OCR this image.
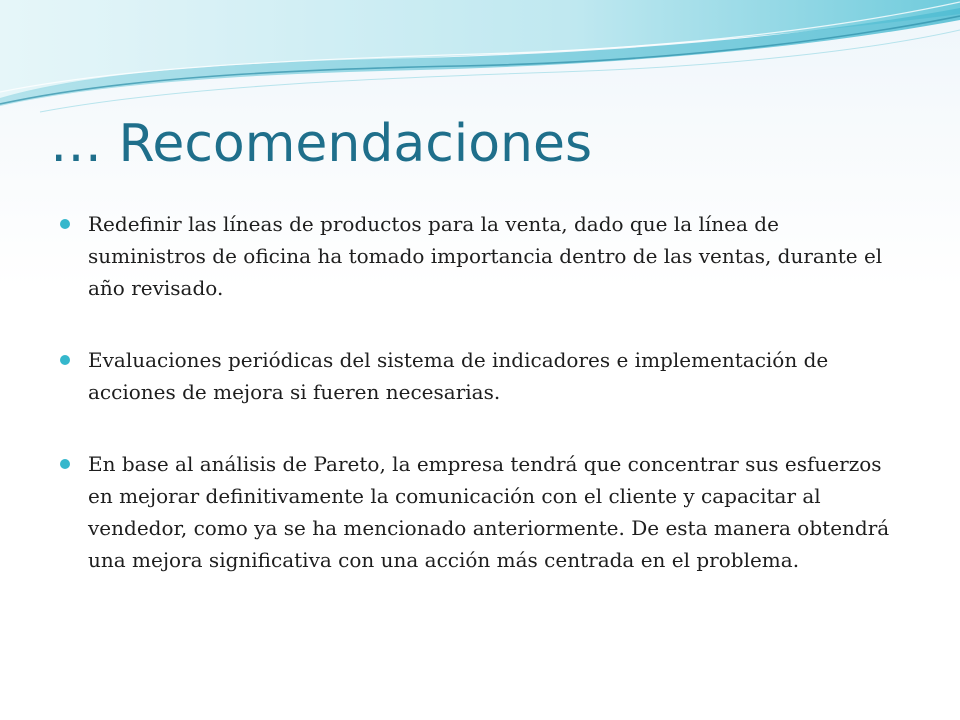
… Recomendaciones
Redefinir las líneas de productos para la venta, dado que la línea de suministros de oficina ha tomado importancia dentro de las ventas, durante el año revisado.
Evaluaciones periódicas del sistema de indicadores e implementación de acciones de mejora si fueren necesarias.
En base al análisis de Pareto, la empresa tendrá que concentrar sus esfuerzos en mejorar definitivamente la comunicación con el cliente y capacitar al vendedor, como ya se ha mencionado anteriormente. De esta manera obtendrá una mejora significativa con una acción más centrada en el problema.
